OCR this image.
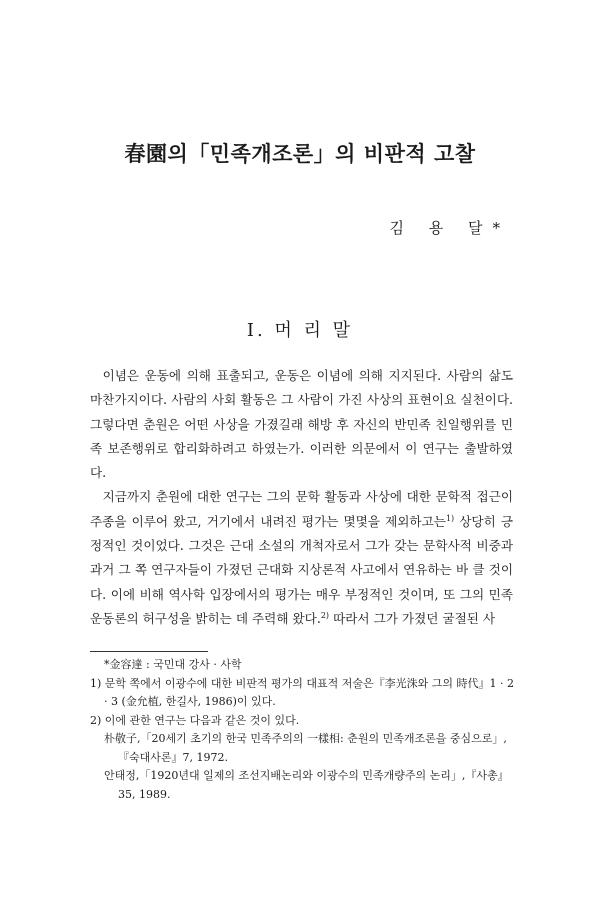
春園의「민족개조론」의 비판적 고찰
김 용 달*
Ⅰ. 머 리 말

이념은 운동에 의해 표출되고, 운동은 이념에 의해 지지된다. 사람의 삶도 마찬가지이다. 사람의 사회 활동은 그 사람이 가진 사상의 표현이요 실천이다. 그렇다면 춘원은 어떤 사상을 가졌길래 해방 후 자신의 반민족 친일행위를 민족 보존행위로 합리화하려고 하였는가. 이러한 의문에서 이 연구는 출발하였다.

지금까지 춘원에 대한 연구는 그의 문학 활동과 사상에 대한 문학적 접근이 주종을 이루어 왔고, 거기에서 내려진 평가는 몇몇을 제외하고는$^{1)}$ 상당히 긍정적인 것이었다. 그것은 근대 소설의 개척자로서 그가 갖는 문학사적 비중과 과거 그 쪽 연구자들이 가졌던 근대화 지상론적 사고에서 연유하는 바 클 것이다. 이에 비해 역사학 입장에서의 평가는 매우 부정적인 것이며, 또 그의 민족운동론의 허구성을 밝히는 데 주력해 왔다.$^{2)}$ 따라서 그가 가졌던 굴절된 사

*金容達 : 국민대 강사 · 사학

1) 문학 쪽에서 이광수에 대한 비판적 평가의 대표적 저술은『李光洙와 그의 時代』1 · 2 · 3 (金允植, 한길사, 1986)이 있다.

2) 이에 관한 연구는 다음과 같은 것이 있다.

朴敬子,「20세기 초기의 한국 민족주의의 一樣相: 춘원의 민족개조론을 중심으로」,『숙대사론』7, 1972.

안태정,「1920년대 일제의 조선지배논리와 이광수의 민족개량주의 논리」,『사총』35, 1989.
